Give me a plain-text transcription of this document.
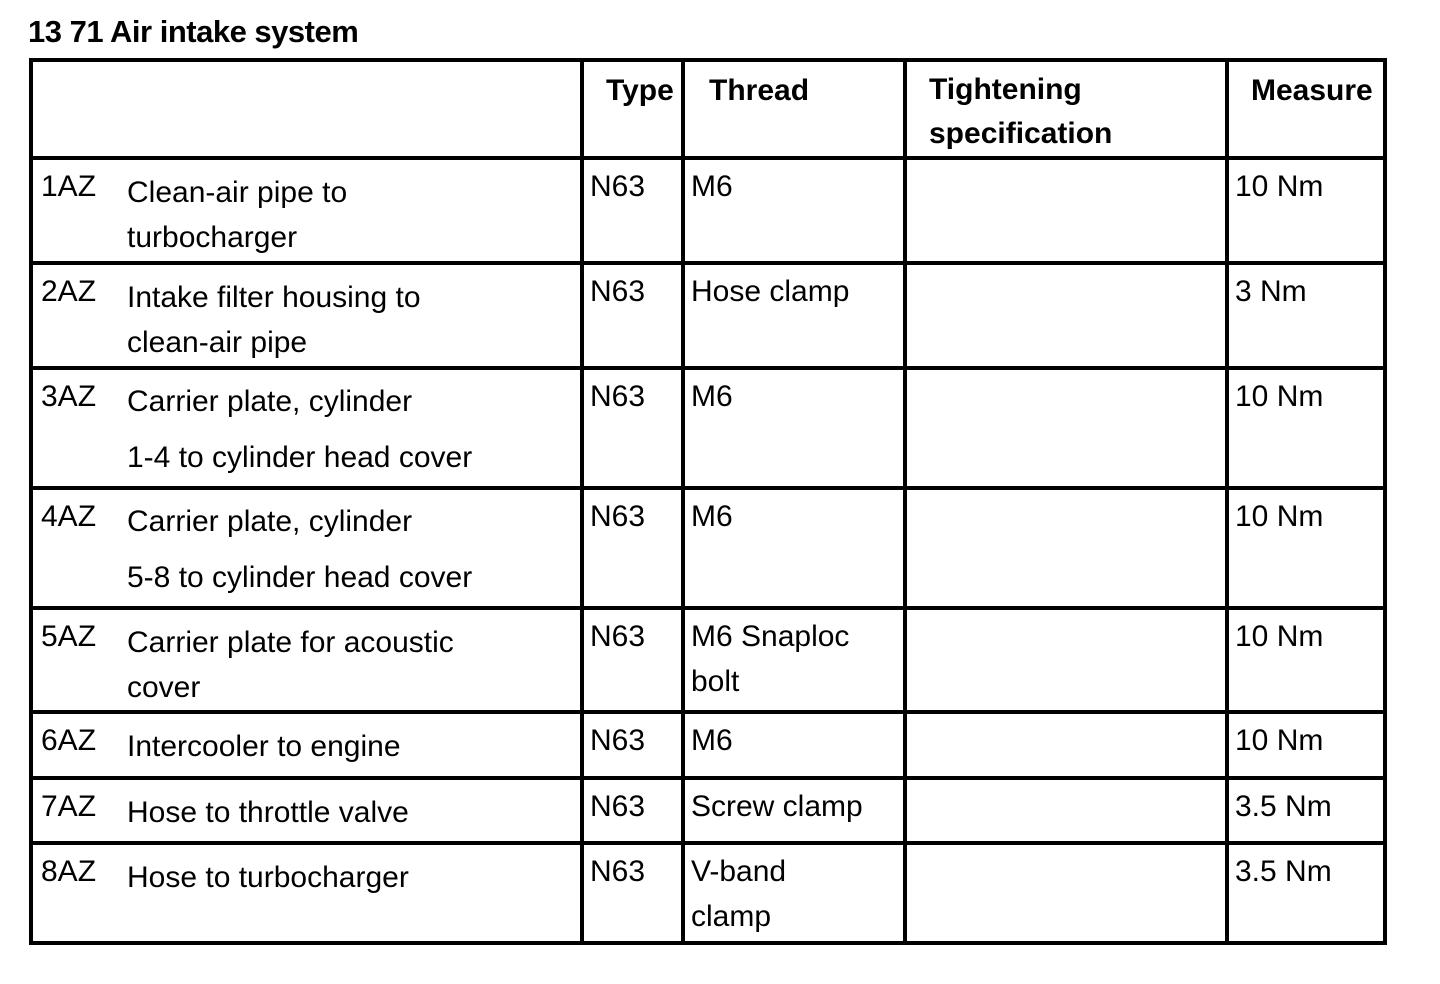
13 71 Air intake system

	Type	Thread	Tightening
specification	Measure

1AZ Clean-air pipe to
turbocharger	N63	M6		10 Nm

2AZ Intake filter housing to
clean-air pipe	N63	Hose clamp		3 Nm

3AZ Carrier plate, cylinder
1-4 to cylinder head cover	N63	M6		10 Nm

4AZ Carrier plate, cylinder
5-8 to cylinder head cover	N63	M6		10 Nm

5AZ Carrier plate for acoustic
cover	N63	M6 Snaploc
bolt		10 Nm

6AZ Intercooler to engine	N63	M6		10 Nm

7AZ Hose to throttle valve	N63	Screw clamp		3.5 Nm

8AZ Hose to turbocharger	N63	V-band
clamp		3.5 Nm
